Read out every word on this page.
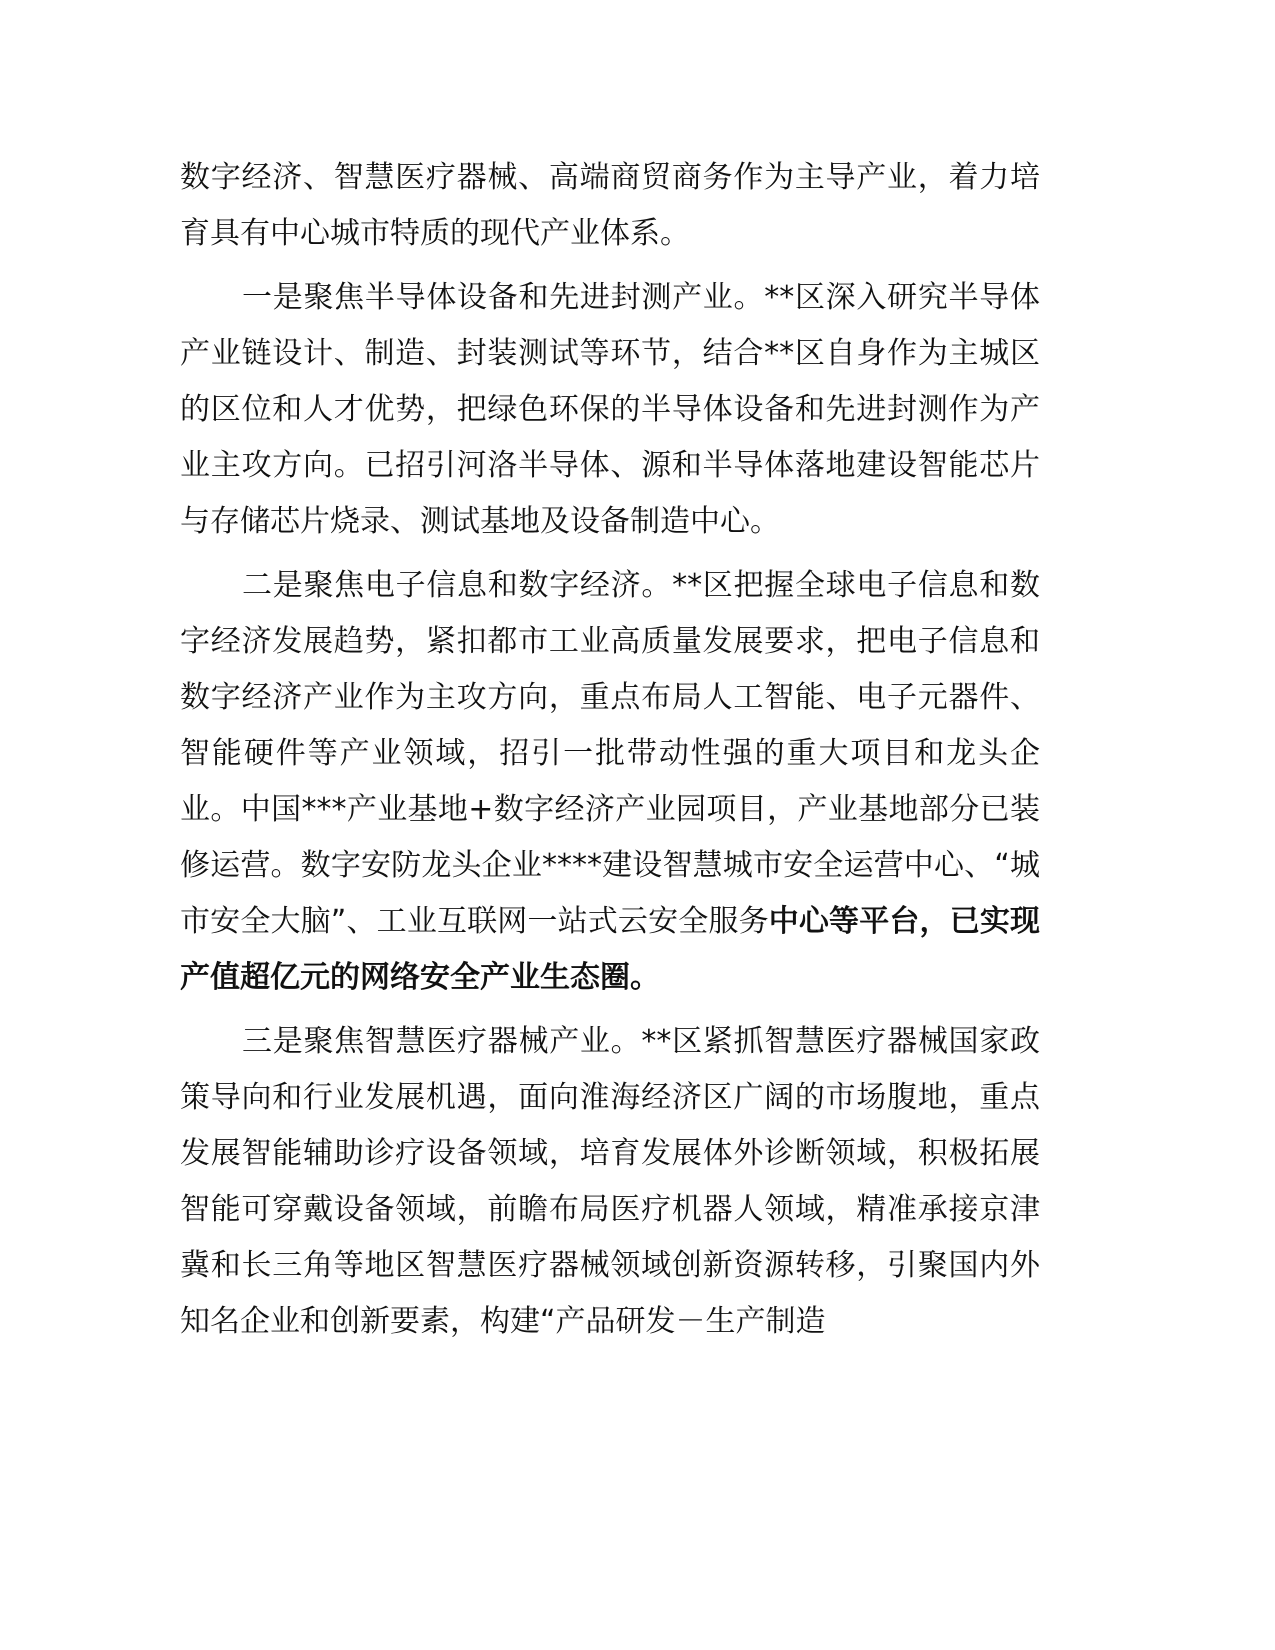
数字经济、智慧医疗器械、高端商贸商务作为主导产业，着力培育具有中心城市特质的现代产业体系。

一是聚焦半导体设备和先进封测产业。**区深入研究半导体产业链设计、制造、封装测试等环节，结合**区自身作为主城区的区位和人才优势，把绿色环保的半导体设备和先进封测作为产业主攻方向。已招引河洛半导体、源和半导体落地建设智能芯片与存储芯片烧录、测试基地及设备制造中心。

二是聚焦电子信息和数字经济。**区把握全球电子信息和数字经济发展趋势，紧扣都市工业高质量发展要求，把电子信息和数字经济产业作为主攻方向，重点布局人工智能、电子元器件、智能硬件等产业领域，招引一批带动性强的重大项目和龙头企业。中国***产业基地+数字经济产业园项目，产业基地部分已装修运营。数字安防龙头企业****建设智慧城市安全运营中心、“城市安全大脑”、工业互联网一站式云安全服务中心等平台，已实现产值超亿元的网络安全产业生态圈。

三是聚焦智慧医疗器械产业。**区紧抓智慧医疗器械国家政策导向和行业发展机遇，面向淮海经济区广阔的市场腹地，重点发展智能辅助诊疗设备领域，培育发展体外诊断领域，积极拓展智能可穿戴设备领域，前瞻布局医疗机器人领域，精准承接京津冀和长三角等地区智慧医疗器械领域创新资源转移，引聚国内外知名企业和创新要素，构建“产品研发－生产制造
